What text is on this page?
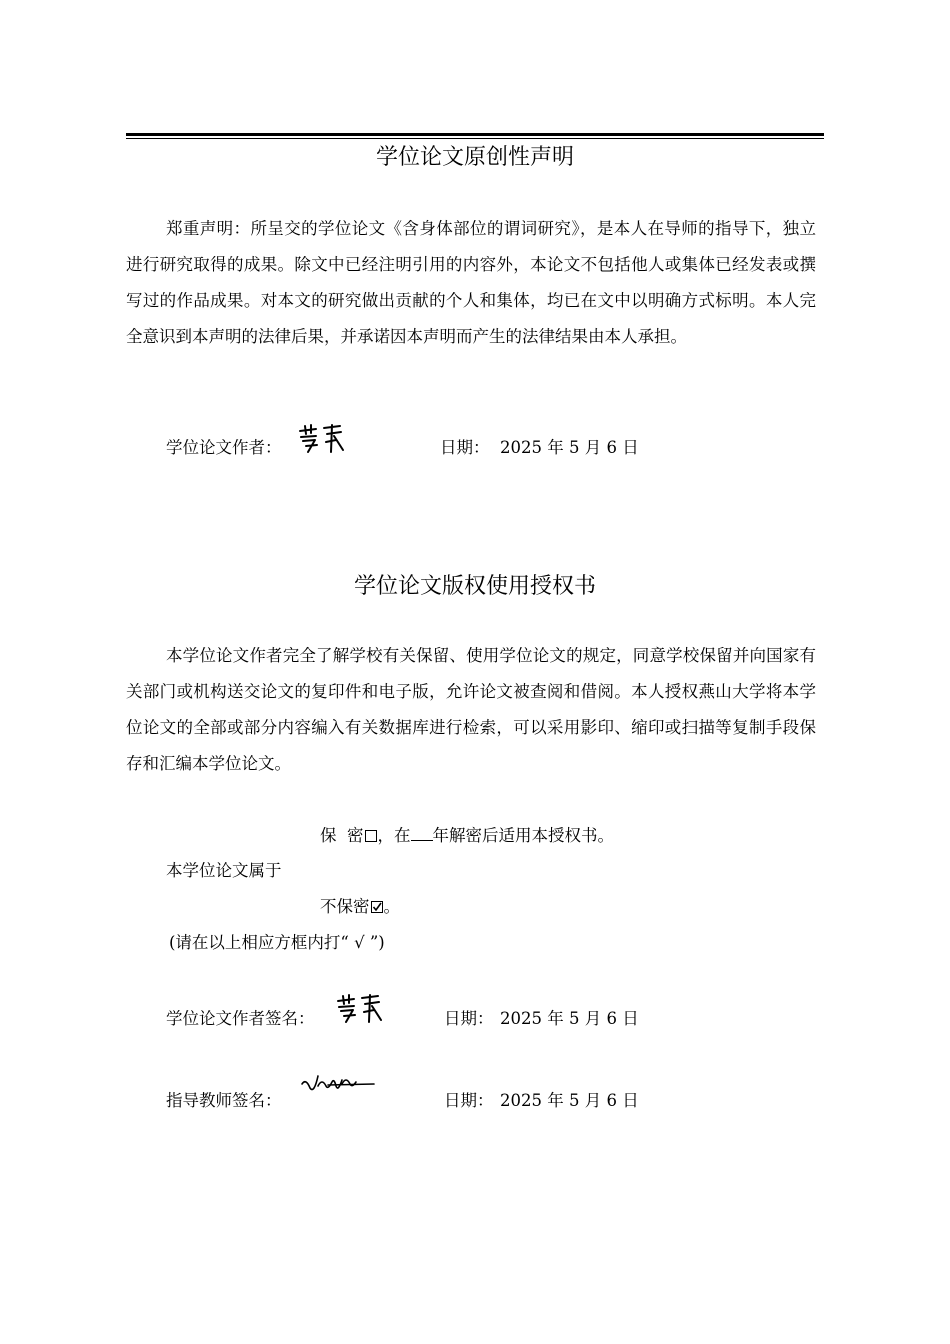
学位论文原创性声明

郑重声明：所呈交的学位论文《含身体部位的谓词研究》，是本人在导师的指导下，独立进行研究取得的成果。除文中已经注明引用的内容外，本论文不包括他人或集体已经发表或撰写过的作品成果。对本文的研究做出贡献的个人和集体，均已在文中以明确方式标明。本人完全意识到本声明的法律后果，并承诺因本声明而产生的法律结果由本人承担。

学位论文作者：	日期： 2025 年 5 月 6 日
学位论文版权使用授权书

本学位论文作者完全了解学校有关保留、使用学位论文的规定，同意学校保留并向国家有关部门或机构送交论文的复印件和电子版，允许论文被查阅和借阅。本人授权燕山大学将本学位论文的全部或部分内容编入有关数据库进行检索，可以采用影印、缩印或扫描等复制手段保存和汇编本学位论文。

保  密 ，在 年解密后适用本授权书。
本学位论文属于
不保密 。
(请在以上相应方框内打“ √ ”)
学位论文作者签名：	日期： 2025 年 5 月 6 日
指导教师签名：	日期： 2025 年 5 月 6 日
